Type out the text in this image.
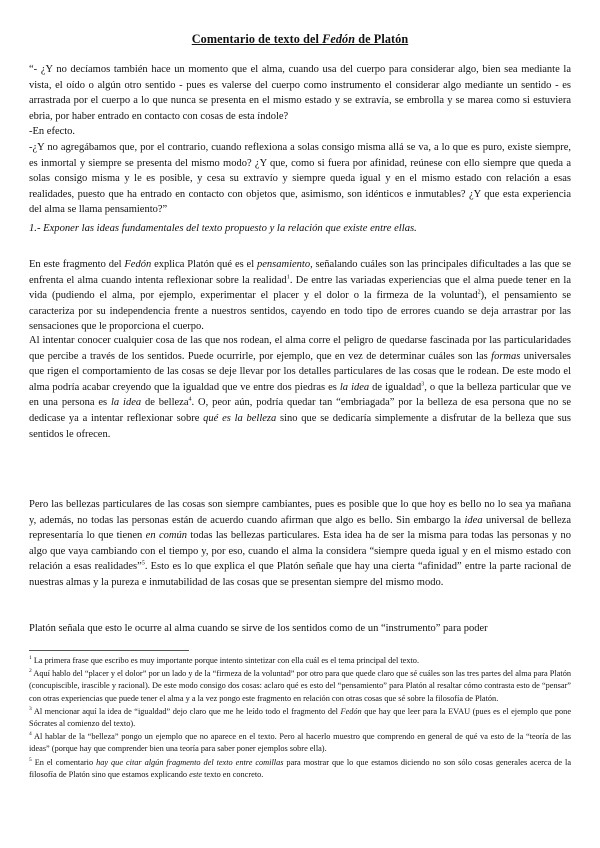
Comentario de texto del Fedón de Platón

“- ¿Y no decíamos también hace un momento que el alma, cuando usa del cuerpo para considerar algo, bien sea mediante la vista, el oído o algún otro sentido - pues es valerse del cuerpo como instrumento el considerar algo mediante un sentido - es arrastrada por el cuerpo a lo que nunca se presenta en el mismo estado y se extravía, se embrolla y se marea como si estuviera ebria, por haber entrado en contacto con cosas de esta índole?

-En efecto.

-¿Y no agregábamos que, por el contrario, cuando reflexiona a solas consigo misma allá se va, a lo que es puro, existe siempre, es inmortal y siempre se presenta del mismo modo? ¿Y que, como si fuera por afinidad, reúnese con ello siempre que queda a solas consigo misma y le es posible, y cesa su extravío y siempre queda igual y en el mismo estado con relación a esas realidades, puesto que ha entrado en contacto con objetos que, asimismo, son idénticos e inmutables? ¿Y que esta experiencia del alma se llama pensamiento?”

1.- Exponer las ideas fundamentales del texto propuesto y la relación que existe entre ellas.

En este fragmento del Fedón explica Platón qué es el pensamiento, señalando cuáles son las principales dificultades a las que se enfrenta el alma cuando intenta reflexionar sobre la realidad$^1$. De entre las variadas experiencias que el alma puede tener en la vida (pudiendo el alma, por ejemplo, experimentar el placer y el dolor o la firmeza de la voluntad$^2$), el pensamiento se caracteriza por su independencia frente a nuestros sentidos, cayendo en todo tipo de errores cuando se deja arrastrar por las sensaciones que le proporciona el cuerpo.

Al intentar conocer cualquier cosa de las que nos rodean, el alma corre el peligro de quedarse fascinada por las particularidades que percibe a través de los sentidos. Puede ocurrirle, por ejemplo, que en vez de determinar cuáles son las formas universales que rigen el comportamiento de las cosas se deje llevar por los detalles particulares de las cosas que le rodean. De este modo el alma podría acabar creyendo que la igualdad que ve entre dos piedras es la idea de igualdad$^3$, o que la belleza particular que ve en una persona es la idea de belleza$^4$. O, peor aún, podría quedar tan “embriagada” por la belleza de esa persona que no se dedicase ya a intentar reflexionar sobre qué es la belleza sino que se dedicaría simplemente a disfrutar de la belleza que sus sentidos le ofrecen.

Pero las bellezas particulares de las cosas son siempre cambiantes, pues es posible que lo que hoy es bello no lo sea ya mañana y, además, no todas las personas están de acuerdo cuando afirman que algo es bello. Sin embargo la idea universal de belleza representaría lo que tienen en común todas las bellezas particulares. Esta idea ha de ser la misma para todas las personas y no algo que vaya cambiando con el tiempo y, por eso, cuando el alma la considera “siempre queda igual y en el mismo estado con relación a esas realidades”$^5$. Esto es lo que explica el que Platón señale que hay una cierta “afinidad” entre la parte racional de nuestras almas y la pureza e inmutabilidad de las cosas que se presentan siempre del mismo modo.

Platón señala que esto le ocurre al alma cuando se sirve de los sentidos como de un “instrumento” para poder

$^1$ La primera frase que escribo es muy importante porque intento sintetizar con ella cuál es el tema principal del texto.

$^2$ Aquí hablo del “placer y el dolor” por un lado y de la “firmeza de la voluntad” por otro para que quede claro que sé cuáles son las tres partes del alma para Platón (concupiscible, irascible y racional). De este modo consigo dos cosas: aclaro qué es esto del “pensamiento” para Platón al resaltar cómo contrasta esto de “pensar” con otras experiencias que puede tener el alma y a la vez pongo este fragmento en relación con otras cosas que sé sobre la filosofía de Platón.

$^3$ Al mencionar aquí la idea de “igualdad” dejo claro que me he leído todo el fragmento del Fedón que hay que leer para la EVAU (pues es el ejemplo que pone Sócrates al comienzo del texto).

$^4$ Al hablar de la “belleza” pongo un ejemplo que no aparece en el texto. Pero al hacerlo muestro que comprendo en general de qué va esto de la “teoría de las ideas” (porque hay que comprender bien una teoría para saber poner ejemplos sobre ella).

$^5$ En el comentario hay que citar algún fragmento del texto entre comillas para mostrar que lo que estamos diciendo no son sólo cosas generales acerca de la filosofía de Platón sino que estamos explicando este texto en concreto.
